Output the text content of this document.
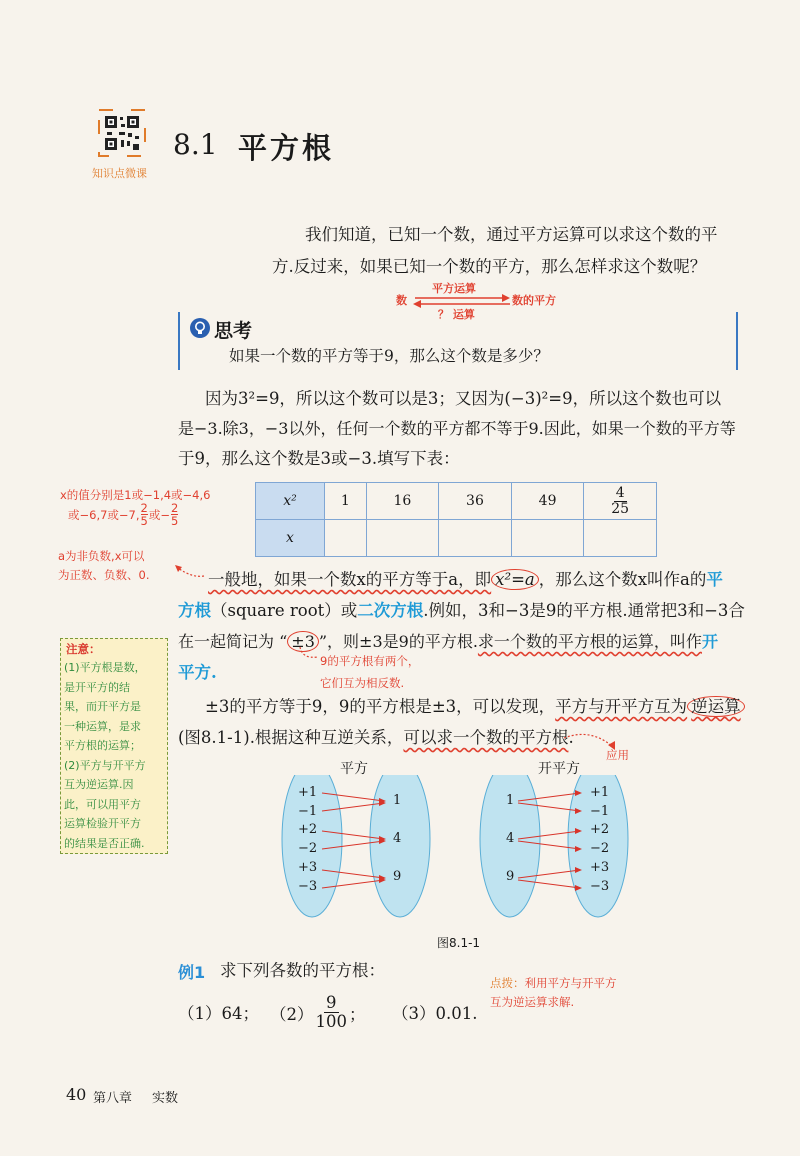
知识点微课
8.1 平方根
我们知道，已知一个数，通过平方运算可以求这个数的平
方.反过来，如果已知一个数的平方，那么怎样求这个数呢？
平方运算
数	数的平方
？ 运算
思考
如果一个数的平方等于9，那么这个数是多少？
因为3²=9，所以这个数可以是3；又因为(−3)²=9，所以这个数也可以
是−3.除3，−3以外，任何一个数的平方都不等于9.因此，如果一个数的平方等
于9，那么这个数是3或−3.填写下表：
x的值分别是1或−1,4或−4,6
或−6,7或−7, $\frac{2}{5}$ 或− $\frac{2}{5}$
x²	1	16	36	49	$\frac{4}{25}$

x					
a为非负数,x可以
为正数、负数、0.	一般地，如果一个数x的平方等于a，即 x²=a ，那么这个数x叫作a的平
方根（square root）或二次方根.例如，3和−3是9的平方根.通常把3和−3合
在一起简记为 “ ±3 ”，则±3是9的平方根.求一个数的平方根的运算，叫作开
平方.
9的平方根有两个，
它们互为相反数.
注意：
(1)平方根是数，
是开平方的结
果，而开平方是
一种运算，是求
平方根的运算；
(2)平方与开平方
互为逆运算.因
此，可以用平方
运算检验开平方
的结果是否正确.
±3的平方等于9，9的平方根是±3，可以发现，平方与开平方互为 逆运算
(图8.1-1).根据这种互逆关系，可以求一个数的平方根.
应用
平方	开平方
+1
−1
+2
−2
+3
−3
1
4
9
1
4
9
+1
−1
+2
−2
+3
−3
图8.1-1
例1 求下列各数的平方根：
（1）64； $(2) \frac{9}{100}$ ； （3）0.01.
点拨：利用平方与开平方
互为逆运算求解.
40 第八章 实数
